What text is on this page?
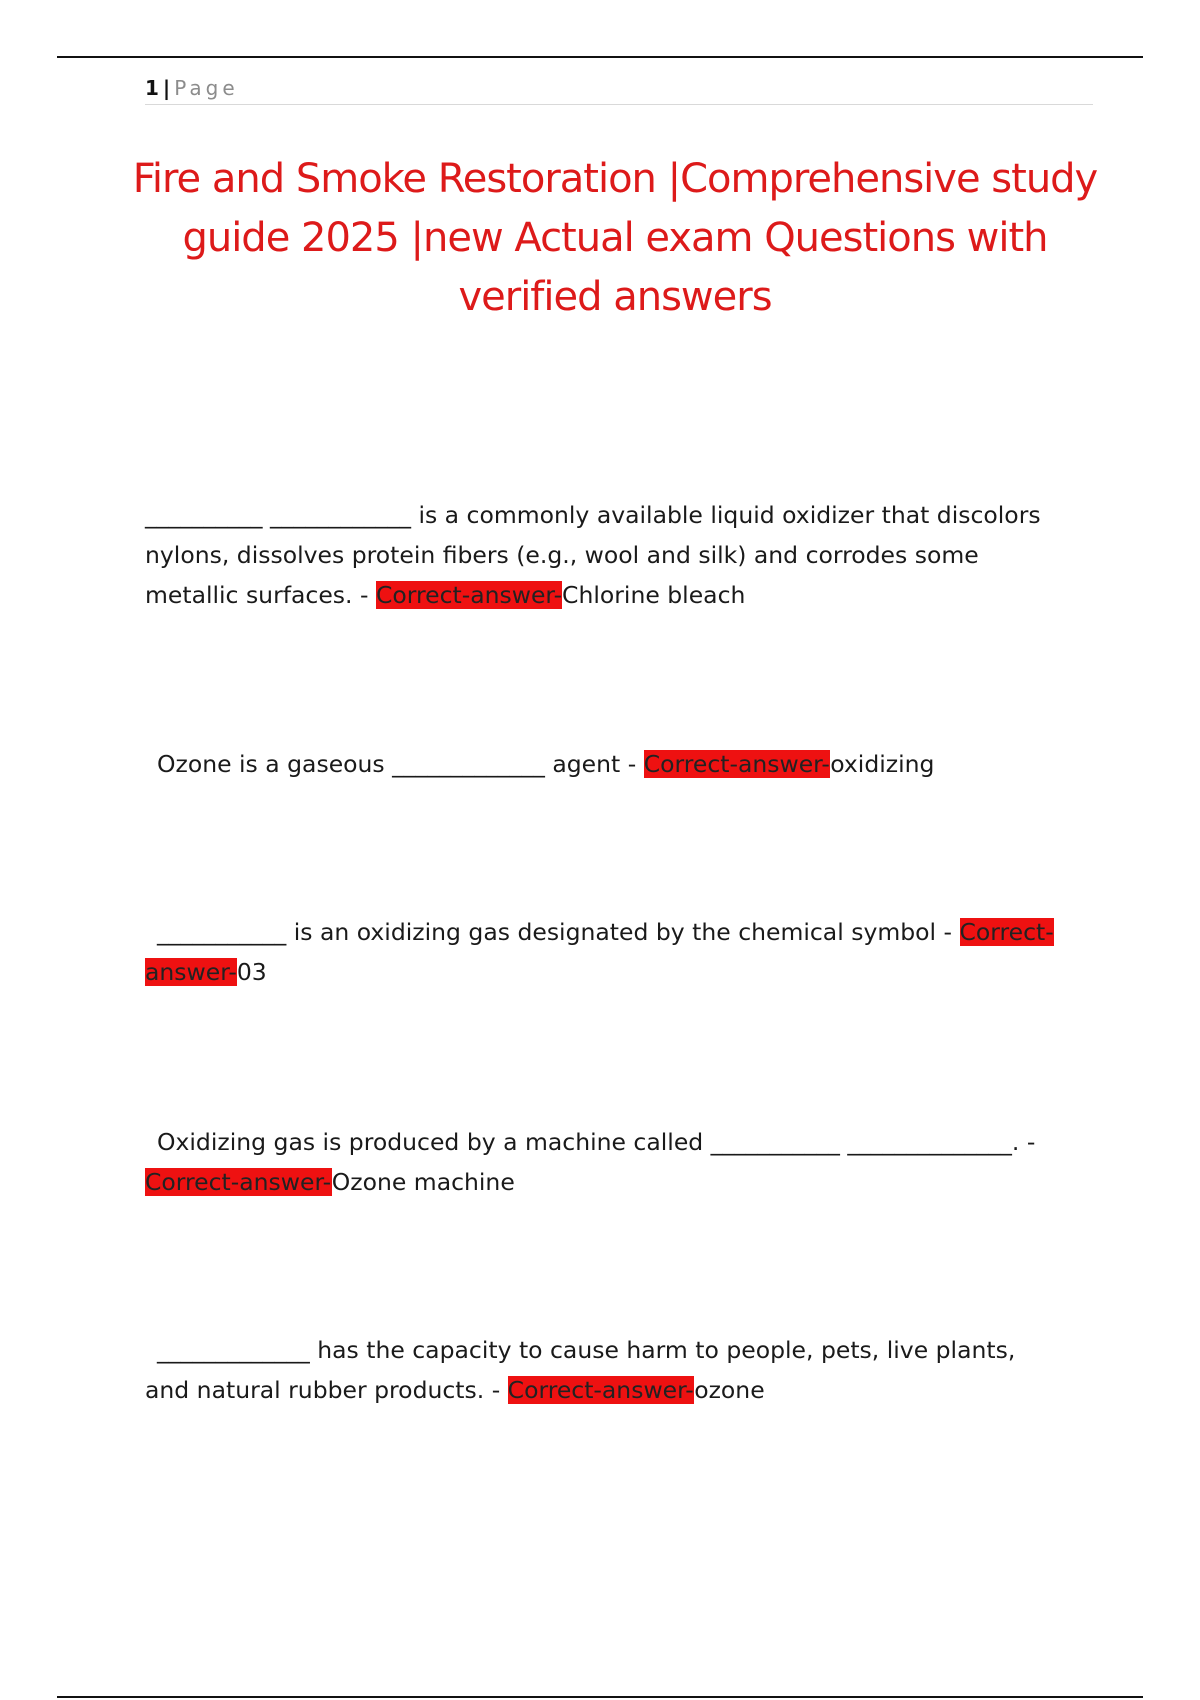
1 | Page
Fire and Smoke Restoration |Comprehensive study guide 2025 |new Actual exam Questions with verified answers

__________ ____________ is a commonly available liquid oxidizer that discolors nylons, dissolves protein fibers (e.g., wool and silk) and corrodes some metallic surfaces. - Correct-answer-Chlorine bleach

Ozone is a gaseous _____________ agent - Correct-answer-oxidizing

___________ is an oxidizing gas designated by the chemical symbol - Correct-answer-03

Oxidizing gas is produced by a machine called ___________ ______________. - Correct-answer-Ozone machine

_____________ has the capacity to cause harm to people, pets, live plants, and natural rubber products. - Correct-answer-ozone
